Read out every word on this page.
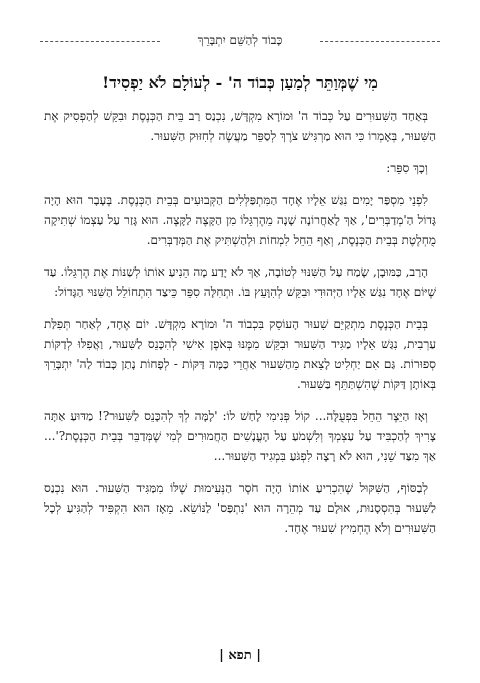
כָּבוֹד לְהַשֵּׁם יִתְבָּרֵךְ
מִי שֶׁמְּוַתֵּר לְמַעַן כְּבוֹד ה' - לְעוֹלָם לֹא יַפְסִיד!

בְּאַחַד הַשִּׁעוּרִים עַל כְּבוֹד ה' וּמוֹרָא מִקְדָּשׁ, נִכְנַס רַב בֵּית הַכְּנֶסֶת וּבִקֵּשׁ לְהַפְסִיק אֶת הַשִּׁעוּר, בְּאָמְרוֹ כִּי הוּא מַרְגִּישׁ צֹרֶךְ לְסַפֵּר מַעֲשֶׂה לְחִזּוּק הַשִּׁעוּר.

וְכָךְ סִפֵּר:

לִפְנֵי מִסְפַּר יָמִים נִגַּשׁ אֵלָיו אֶחָד הַמִּתְפַּלְּלִים הַקְּבוּעִים בְּבֵית הַכְּנֶסֶת. בֶּעָבָר הוּא הָיָה גָּדוֹל הַ'מְדַבְּרִים', אַךְ לָאַחֲרוֹנָה שָׁנָה מֵהֶרְגֵּלוֹ מִן הַקָּצֶה לַקָּצֶה. הוּא גָּזַר עַל עַצְמוֹ שְׁתִיקָה מֻחְלֶטֶת בְּבֵית הַכְּנֶסֶת, וְאַף הֵחֵל לִמְחוֹת וּלְהַשְׁתִּיק אֶת הַמְּדַבְּרִים.

הָרַב, כַּמּוּבָן, שָׂמַח עַל הַשִּׁנּוּי לְטוֹבָה, אַךְ לֹא יָדַע מָה הֵנִיעַ אוֹתוֹ לְשַׁנּוֹת אֶת הֶרְגֵּלוֹ. עַד שֶׁיּוֹם אֶחָד נִגַּשׁ אֵלָיו הַיְּהוּדִי וּבִקֵּשׁ לְהִוָּעֵץ בּוֹ. וּתְחִלָּה סִפֵּר כֵּיצַד הִתְחוֹלֵל הַשִּׁנּוּי הַגָּדוֹל:

בְּבֵית הַכְּנֶסֶת מִתְקַיֵּם שִׁעוּר הָעוֹסֵק בִּכְבוֹד ה' וּמוֹרָא מִקְדָּשׁ. יוֹם אֶחָד, לְאַחַר תְּפִלַּת עַרְבִית, נִגַּשׁ אֵלָיו מַגִּיד הַשִּׁעוּר וּבִקֵּשׁ מִמֶּנּוּ בְּאֹפֶן אִישִׁי לְהִכָּנֵס לַשִּׁעוּר, וַאֲפִלּוּ לְדַקּוֹת סְפוּרוֹת. גַּם אִם יַחְלִיט לָצֵאת מֵהַשִּׁעוּר אַחֲרֵי כַּמָּה דַּקּוֹת - לְפָחוֹת נָתַן כָּבוֹד לַה' יִתְבָּרֵךְ בְּאוֹתָן דַּקּוֹת שֶׁהִשְׁתַּתֵּף בַּשִּׁעוּר.

וְאָז הַיֵּצֶר הֵחֵל בִּפְעֻלָּה... קוֹל פְּנִימִי לָחַשׁ לוֹ: 'לָמָּה לְךָ לְהִכָּנֵס לַשִּׁעוּר?! מַדּוּעַ אַתָּה צָרִיךְ לְהַכְבִּיד עַל עַצְמְךָ וְלִשְׁמֹעַ עַל הָעֳנָשִׁים הַחֲמוּרִים לְמִי שֶׁמְּדַבֵּר בְּבֵית הַכְּנֶסֶת?'... אַךְ מִצַּד שֵׁנִי, הוּא לֹא רָצָה לִפְגֹּעַ בִּמְגִיד הַשִּׁעוּר...

לְבַסּוֹף, הַשִּׁקּוּל שֶׁהִכְרִיעַ אוֹתוֹ הָיָה חֹסֶר הַנְּעִימוּת שֶׁלּוֹ מִמַּגִּיד הַשִּׁעוּר. הוּא נִכְנַס לַשִּׁעוּר בְּהִסְסָנוּת, אוּלָם עַד מְהֵרָה הוּא 'נִתְפַּס' לַנּוֹשֵׂא. מֵאָז הוּא הִקְפִּיד לְהַגִּיעַ לְכָל הַשִּׁעוּרִים וְלֹא הֶחְמִיץ שִׁעוּר אֶחָד.

| תפא |
